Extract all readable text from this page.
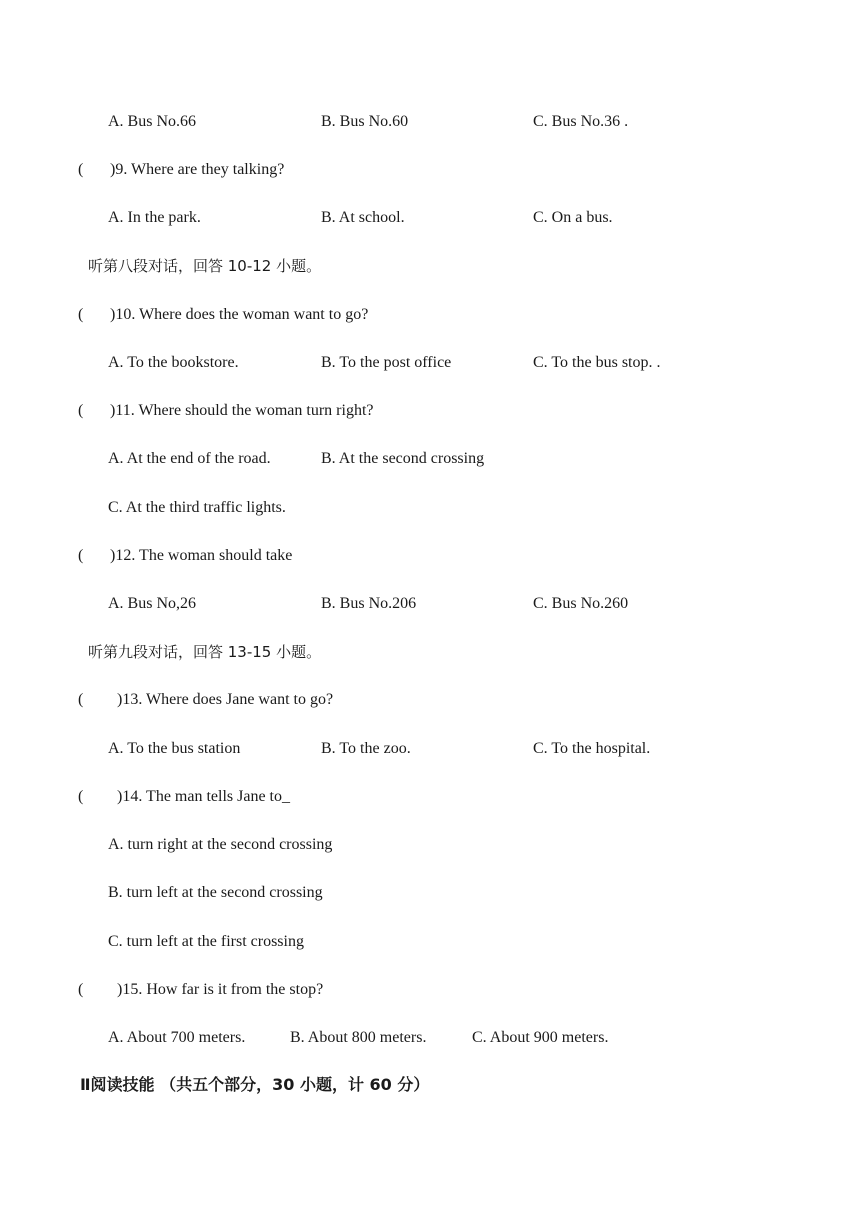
A. Bus No.66	B. Bus No.60	C. Bus No.36 .
( )9. Where are they talking?
A. In the park.	B. At school.	C. On a bus.
听第八段对话，回答 10-12 小题。
( )10. Where does the woman want to go?
A. To the bookstore.	B. To the post office	C. To the bus stop. .
( )11. Where should the woman turn right?
A. At the end of the road.	B. At the second crossing
C. At the third traffic lights.
( )12. The woman should take
A. Bus No,26	B. Bus No.206	C. Bus No.260
听第九段对话，回答 13-15 小题。
( )13. Where does Jane want to go?
A. To the bus station	B. To the zoo.	C. To the hospital.
( )14. The man tells Jane to_
A. turn right at the second crossing
B. turn left at the second crossing
C. turn left at the first crossing
( )15. How far is it from the stop?
A. About 700 meters.	B. About 800 meters.	C. About 900 meters.
Ⅱ阅读技能 （共五个部分，30 小题，计 60 分）
